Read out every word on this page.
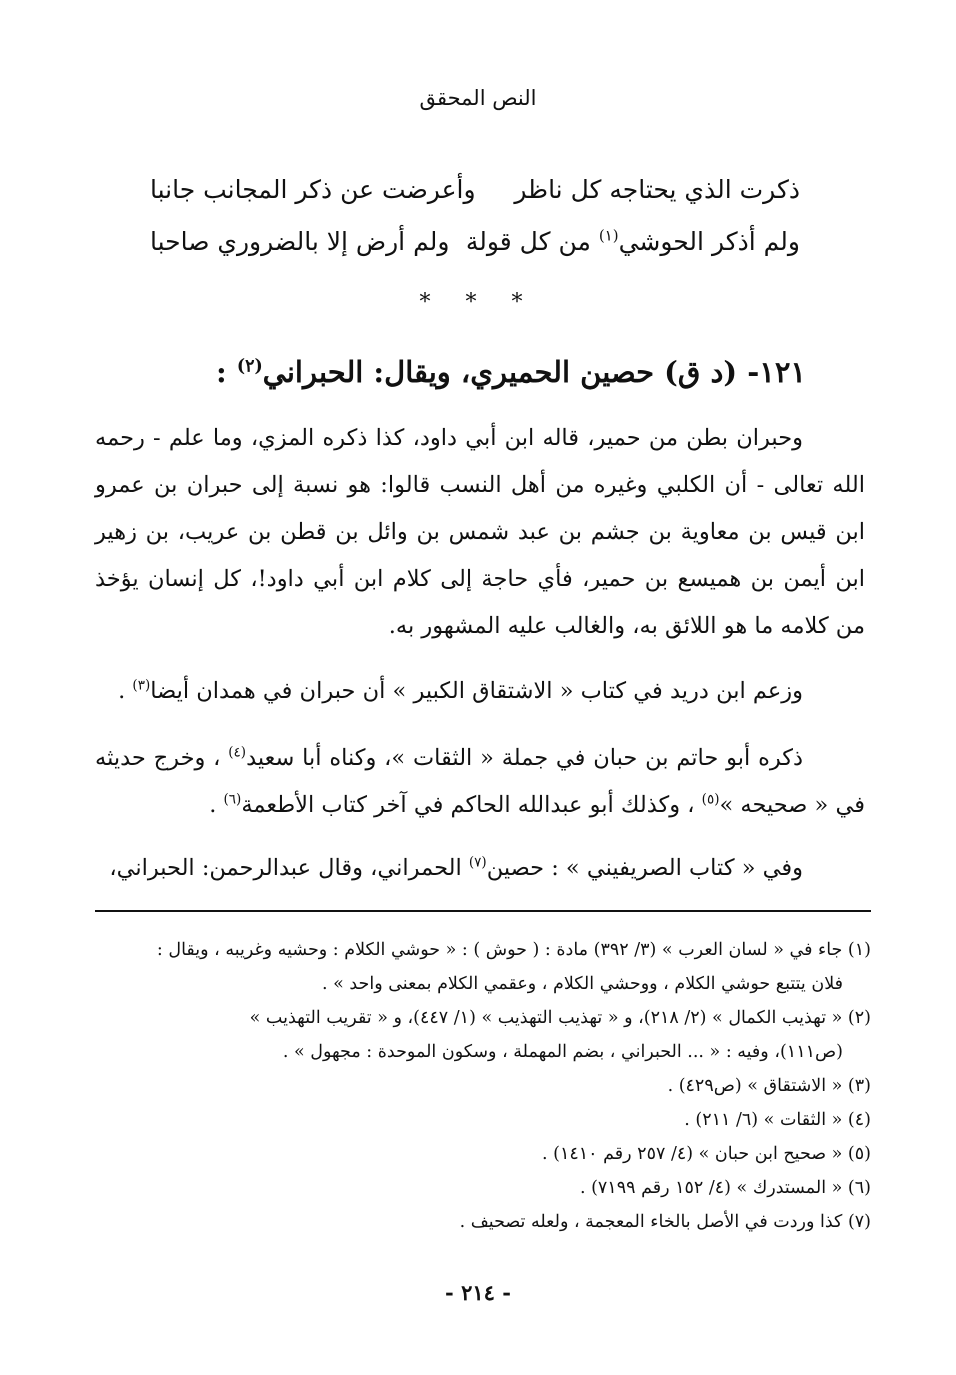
النص المحقق
ذكرت الذي يحتاجه كل ناظر
وأعرضت عن ذكر المجانب جانبا
ولم أذكر الحوشي$^{(١)}$ من كل قولة
ولم أرض إلا بالضروري صاحبا
* * *
١٢١- (د ق) حصين الحميري، ويقال: الحبراني$^{(٢)}$ :

وحبران بطن من حمير، قاله ابن أبي داود، كذا ذكره المزي، وما علم - رحمه الله تعالى - أن الكلبي وغيره من أهل النسب قالوا: هو نسبة إلى حبران بن عمرو ابن قيس بن معاوية بن جشم بن عبد شمس بن وائل بن قطن بن عريب، بن زهير ابن أيمن بن هميسع بن حمير، فأي حاجة إلى كلام ابن أبي داود!، كل إنسان يؤخذ من كلامه ما هو اللائق به، والغالب عليه المشهور به.

وزعم ابن دريد في كتاب « الاشتقاق الكبير » أن حبران في همدان أيضا$^{(٣)}$ .

ذكره أبو حاتم بن حبان في جملة « الثقات »، وكناه أبا سعيد$^{(٤)}$ ، وخرج حديثه في « صحيحه »$^{(٥)}$ ، وكذلك أبو عبدالله الحاكم في آخر كتاب الأطعمة$^{(٦)}$ .

وفي « كتاب الصريفيني » : حصين$^{(٧)}$ الحمراني، وقال عبدالرحمن: الحبراني،

(١) جاء في « لسان العرب » (٣/ ٣٩٢) مادة : ( حوش ) : « حوشي الكلام : وحشيه وغريبه ، ويقال :
فلان يتتبع حوشي الكلام ، ووحشي الكلام ، وعقمي الكلام بمعنى واحد » .

(٢) « تهذيب الكمال » (٢/ ٢١٨)، و « تهذيب التهذيب » (١/ ٤٤٧)، و « تقريب التهذيب »
(ص١١١)، وفيه : « ... الحبراني ، بضم المهملة ، وسكون الموحدة : مجهول » .

(٣) « الاشتقاق » (ص٤٢٩) .

(٤) « الثقات » (٦/ ٢١١) .

(٥) « صحيح ابن حبان » (٤/ ٢٥٧ رقم ١٤١٠) .

(٦) « المستدرك » (٤/ ١٥٢ رقم ٧١٩٩) .

(٧) كذا وردت في الأصل بالخاء المعجمة ، ولعله تصحيف .

- ٢١٤ -
